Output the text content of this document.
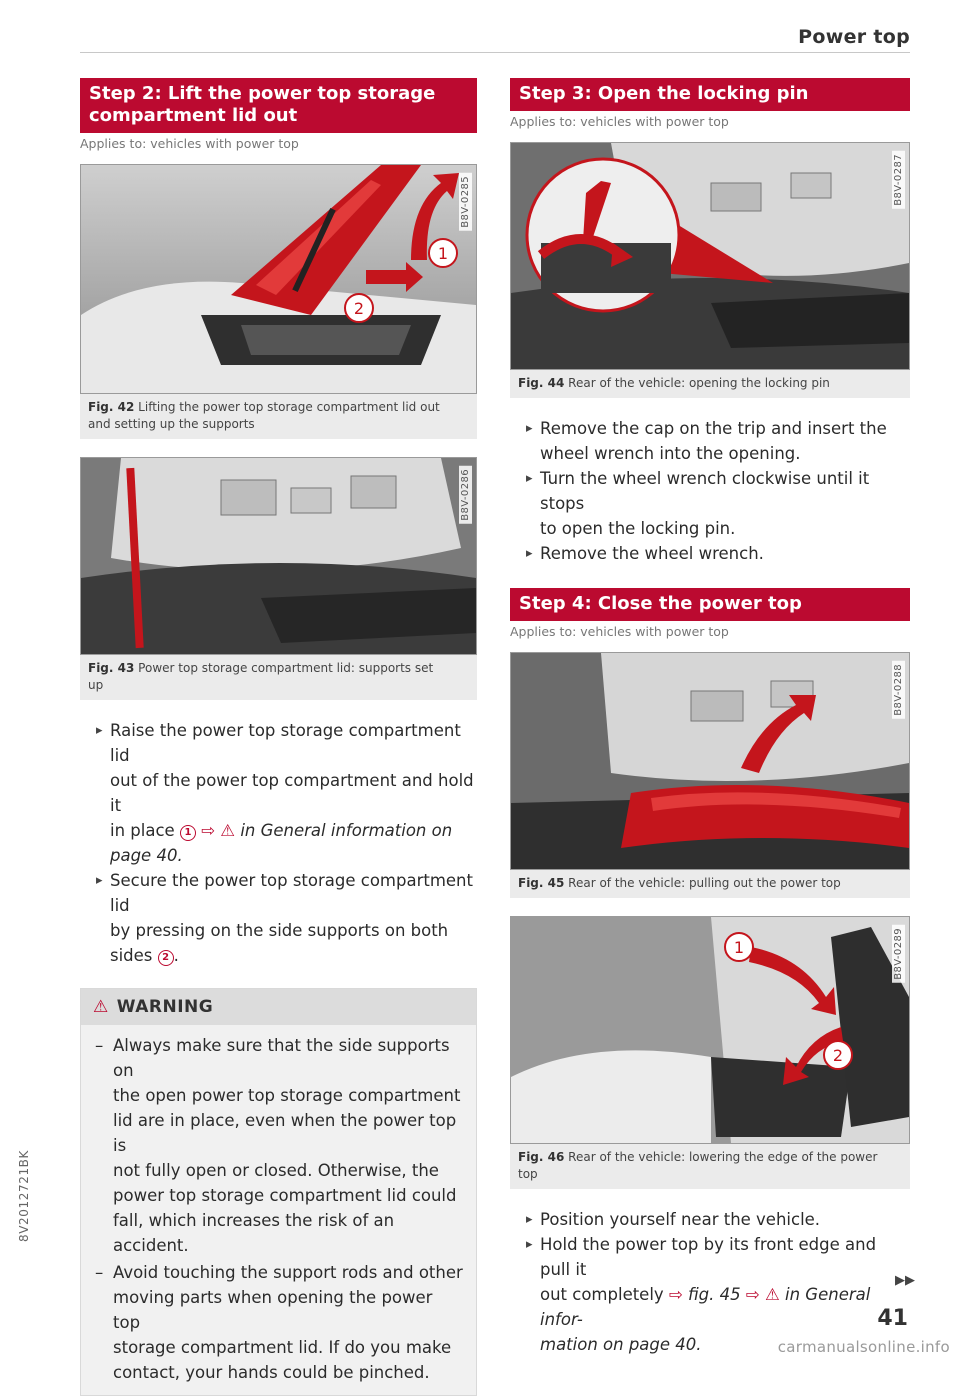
Power top
Step 2: Lift the power top storage
compartment lid out
Applies to: vehicles with power top
1
2
B8V-0285
Fig. 42 Lifting the power top storage compartment lid out
and setting up the supports
B8V-0286
Fig. 43 Power top storage compartment lid: supports set
up
▸ Raise the power top storage compartment lid
out of the power top compartment and hold it
in place 1 ⇨ ⚠ in General information on
page 40.
▸ Secure the power top storage compartment lid
by pressing on the side supports on both
sides 2 .
⚠ WARNING
– Always make sure that the side supports on
the open power top storage compartment
lid are in place, even when the power top is
not fully open or closed. Otherwise, the
power top storage compartment lid could
fall, which increases the risk of an accident.
– Avoid touching the support rods and other
moving parts when opening the power top
storage compartment lid. If do you make
contact, your hands could be pinched.
Step 3: Open the locking pin
Applies to: vehicles with power top
B8V-0287
Fig. 44 Rear of the vehicle: opening the locking pin
▸ Remove the cap on the trip and insert the
wheel wrench into the opening.
▸ Turn the wheel wrench clockwise until it stops
to open the locking pin.
▸ Remove the wheel wrench.
Step 4: Close the power top
Applies to: vehicles with power top
B8V-0288
Fig. 45 Rear of the vehicle: pulling out the power top
1
2
B8V-0289
Fig. 46 Rear of the vehicle: lowering the edge of the power
top
▸ Position yourself near the vehicle.
▸ Hold the power top by its front edge and pull it
out completely ⇨ fig. 45 ⇨ ⚠ in General infor-
mation on page 40.
▶▶
41
8V2012721BK
carmanualsonline.info
